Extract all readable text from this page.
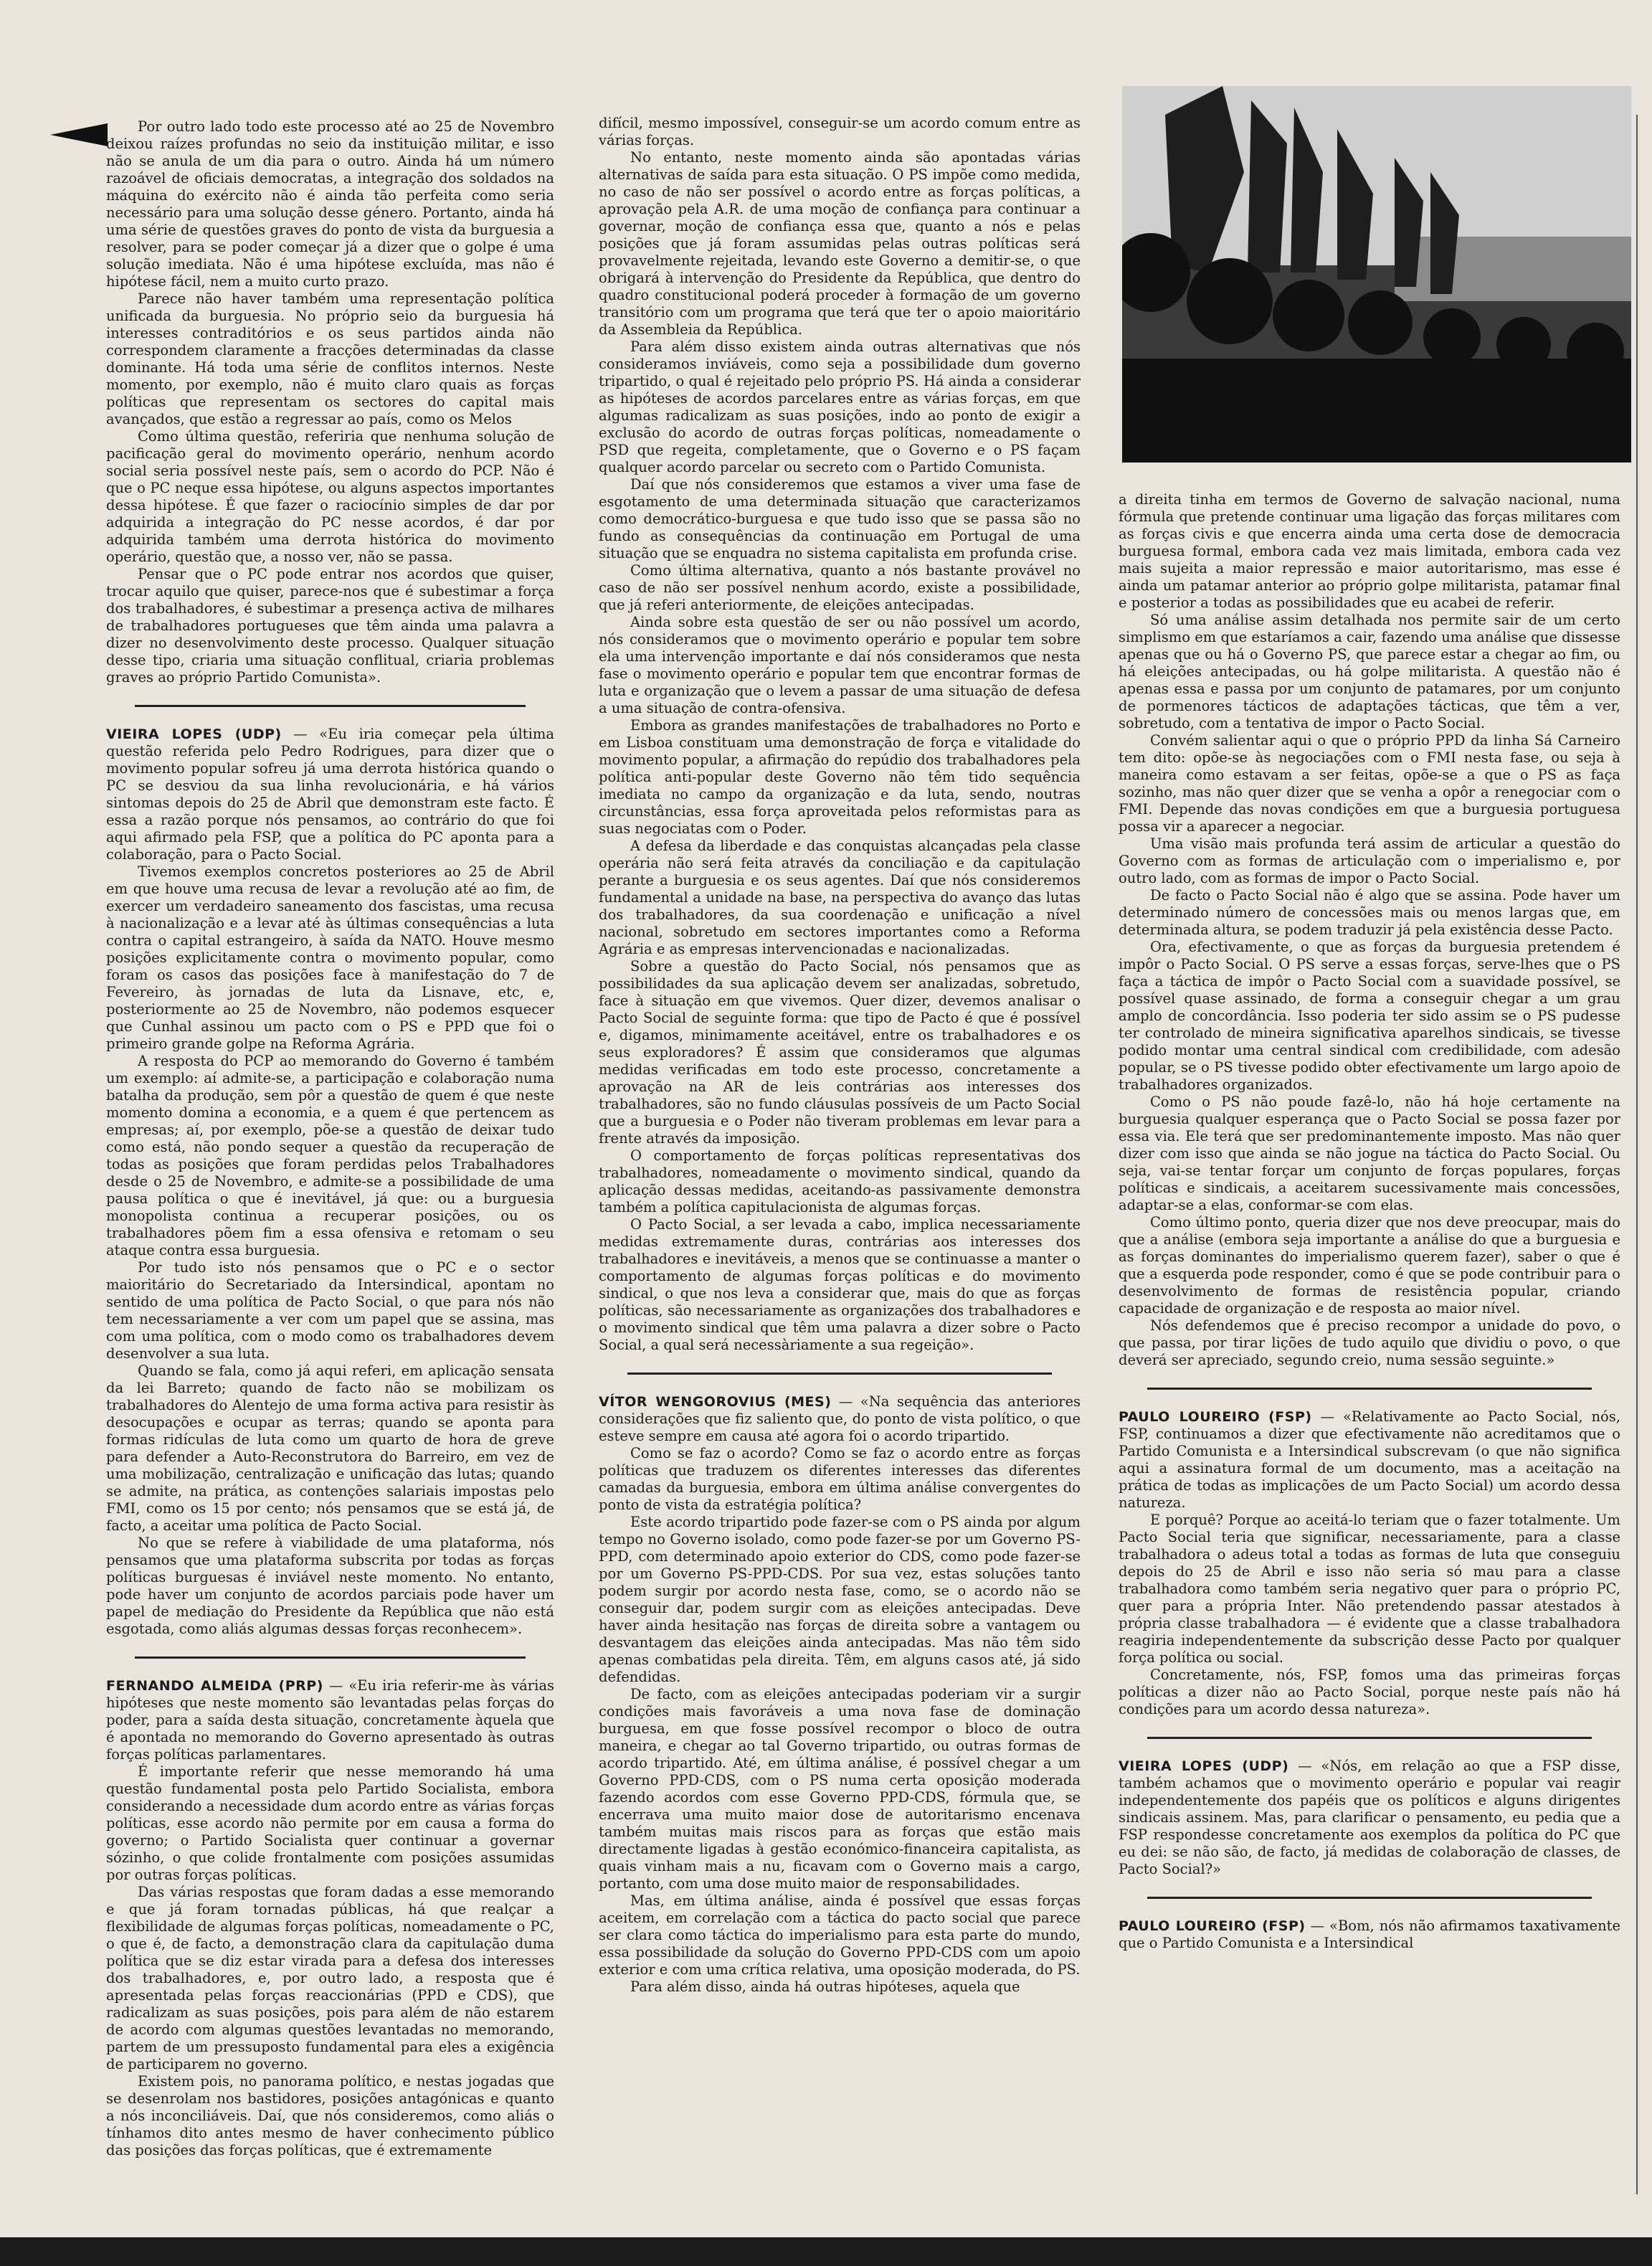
Por outro lado todo este processo até ao 25 de Novembro deixou raízes profundas no seio da instituição militar, e isso não se anula de um dia para o outro. Ainda há um número razoável de oficiais democratas, a integração dos soldados na máquina do exército não é ainda tão perfeita como seria necessário para uma solução desse género. Portanto, ainda há uma série de questões graves do ponto de vista da burguesia a resolver, para se poder começar já a dizer que o golpe é uma solução imediata. Não é uma hipótese excluída, mas não é hipótese fácil, nem a muito curto prazo.

Parece não haver também uma representação política unificada da burguesia. No próprio seio da burguesia há interesses contraditórios e os seus partidos ainda não correspondem claramente a fracções determinadas da classe dominante. Há toda uma série de conflitos internos. Neste momento, por exemplo, não é muito claro quais as forças políticas que representam os sectores do capital mais avançados, que estão a regressar ao país, como os Melos

Como última questão, referiria que nenhuma solução de pacificação geral do movimento operário, nenhum acordo social seria possível neste país, sem o acordo do PCP. Não é que o PC neque essa hipótese, ou alguns aspectos importantes dessa hipótese. É que fazer o raciocínio simples de dar por adquirida a integração do PC nesse acordos, é dar por adquirida também uma derrota histórica do movimento operário, questão que, a nosso ver, não se passa.

Pensar que o PC pode entrar nos acordos que quiser, trocar aquilo que quiser, parece-nos que é subestimar a força dos trabalhadores, é subestimar a presença activa de milhares de trabalhadores portugueses que têm ainda uma palavra a dizer no desenvolvimento deste processo. Qualquer situação desse tipo, criaria uma situação conflitual, criaria problemas graves ao próprio Partido Comunista».

VIEIRA LOPES (UDP) — «Eu iria começar pela última questão referida pelo Pedro Rodrigues, para dizer que o movimento popular sofreu já uma derrota histórica quando o PC se desviou da sua linha revolucionária, e há vários sintomas depois do 25 de Abril que demonstram este facto. É essa a razão porque nós pensamos, ao contrário do que foi aqui afirmado pela FSP, que a política do PC aponta para a colaboração, para o Pacto Social.

Tivemos exemplos concretos posteriores ao 25 de Abril em que houve uma recusa de levar a revolução até ao fim, de exercer um verdadeiro saneamento dos fascistas, uma recusa à nacionalização e a levar até às últimas consequências a luta contra o capital estrangeiro, à saída da NATO. Houve mesmo posições explicitamente contra o movimento popular, como foram os casos das posições face à manifestação do 7 de Fevereiro, às jornadas de luta da Lisnave, etc, e, posteriormente ao 25 de Novembro, não podemos esquecer que Cunhal assinou um pacto com o PS e PPD que foi o primeiro grande golpe na Reforma Agrária.

A resposta do PCP ao memorando do Governo é também um exemplo: aí admite-se, a participação e colaboração numa batalha da produção, sem pôr a questão de quem é que neste momento domina a economia, e a quem é que pertencem as empresas; aí, por exemplo, põe-se a questão de deixar tudo como está, não pondo sequer a questão da recuperação de todas as posições que foram perdidas pelos Trabalhadores desde o 25 de Novembro, e admite-se a possibilidade de uma pausa política o que é inevitável, já que: ou a burguesia monopolista continua a recuperar posições, ou os trabalhadores põem fim a essa ofensiva e retomam o seu ataque contra essa burguesia.

Por tudo isto nós pensamos que o PC e o sector maioritário do Secretariado da Intersindical, apontam no sentido de uma política de Pacto Social, o que para nós não tem necessariamente a ver com um papel que se assina, mas com uma política, com o modo como os trabalhadores devem desenvolver a sua luta.

Quando se fala, como já aqui referi, em aplicação sensata da lei Barreto; quando de facto não se mobilizam os trabalhadores do Alentejo de uma forma activa para resistir às desocupações e ocupar as terras; quando se aponta para formas ridículas de luta como um quarto de hora de greve para defender a Auto-Reconstrutora do Barreiro, em vez de uma mobilização, centralização e unificação das lutas; quando se admite, na prática, as contenções salariais impostas pelo FMI, como os 15 por cento; nós pensamos que se está já, de facto, a aceitar uma política de Pacto Social.

No que se refere à viabilidade de uma plataforma, nós pensamos que uma plataforma subscrita por todas as forças políticas burguesas é inviável neste momento. No entanto, pode haver um conjunto de acordos parciais pode haver um papel de mediação do Presidente da República que não está esgotada, como aliás algumas dessas forças reconhecem».

FERNANDO ALMEIDA (PRP) — «Eu iria referir-me às várias hipóteses que neste momento são levantadas pelas forças do poder, para a saída desta situação, concretamente àquela que é apontada no memorando do Governo apresentado às outras forças políticas parlamentares.

É importante referir que nesse memorando há uma questão fundamental posta pelo Partido Socialista, embora considerando a necessidade dum acordo entre as várias forças políticas, esse acordo não permite por em causa a forma do governo; o Partido Socialista quer continuar a governar sózinho, o que colide frontalmente com posições assumidas por outras forças políticas.

Das várias respostas que foram dadas a esse memorando e que já foram tornadas públicas, há que realçar a flexibilidade de algumas forças políticas, nomeadamente o PC, o que é, de facto, a demonstração clara da capitulação duma política que se diz estar virada para a defesa dos interesses dos trabalhadores, e, por outro lado, a resposta que é apresentada pelas forças reaccionárias (PPD e CDS), que radicalizam as suas posições, pois para além de não estarem de acordo com algumas questões levantadas no memorando, partem de um pressuposto fundamental para eles a exigência de participarem no governo.

Existem pois, no panorama político, e nestas jogadas que se desenrolam nos bastidores, posições antagónicas e quanto a nós inconciliáveis. Daí, que nós consideremos, como aliás o tínhamos dito antes mesmo de haver conhecimento público das posições das forças políticas, que é extremamente

difícil, mesmo impossível, conseguir-se um acordo comum entre as várias forças.

No entanto, neste momento ainda são apontadas várias alternativas de saída para esta situação. O PS impõe como medida, no caso de não ser possível o acordo entre as forças políticas, a aprovação pela A.R. de uma moção de confiança para continuar a governar, moção de confiança essa que, quanto a nós e pelas posições que já foram assumidas pelas outras políticas será provavelmente rejeitada, levando este Governo a demitir-se, o que obrigará à intervenção do Presidente da República, que dentro do quadro constitucional poderá proceder à formação de um governo transitório com um programa que terá que ter o apoio maioritário da Assembleia da República.

Para além disso existem ainda outras alternativas que nós consideramos inviáveis, como seja a possibilidade dum governo tripartido, o qual é rejeitado pelo próprio PS. Há ainda a considerar as hipóteses de acordos parcelares entre as várias forças, em que algumas radicalizam as suas posições, indo ao ponto de exigir a exclusão do acordo de outras forças políticas, nomeadamente o PSD que regeita, completamente, que o Governo e o PS façam qualquer acordo parcelar ou secreto com o Partido Comunista.

Daí que nós consideremos que estamos a viver uma fase de esgotamento de uma determinada situação que caracterizamos como democrático-burguesa e que tudo isso que se passa são no fundo as consequências da continuação em Portugal de uma situação que se enquadra no sistema capitalista em profunda crise.

Como última alternativa, quanto a nós bastante provável no caso de não ser possível nenhum acordo, existe a possibilidade, que já referi anteriormente, de eleições antecipadas.

Ainda sobre esta questão de ser ou não possível um acordo, nós consideramos que o movimento operário e popular tem sobre ela uma intervenção importante e daí nós consideramos que nesta fase o movimento operário e popular tem que encontrar formas de luta e organização que o levem a passar de uma situação de defesa a uma situação de contra-ofensiva.

Embora as grandes manifestações de trabalhadores no Porto e em Lisboa constituam uma demonstração de força e vitalidade do movimento popular, a afirmação do repúdio dos trabalhadores pela política anti-popular deste Governo não têm tido sequência imediata no campo da organização e da luta, sendo, noutras circunstâncias, essa força aproveitada pelos reformistas para as suas negociatas com o Poder.

A defesa da liberdade e das conquistas alcançadas pela classe operária não será feita através da conciliação e da capitulação perante a burguesia e os seus agentes. Daí que nós consideremos fundamental a unidade na base, na perspectiva do avanço das lutas dos trabalhadores, da sua coordenação e unificação a nível nacional, sobretudo em sectores importantes como a Reforma Agrária e as empresas intervencionadas e nacionalizadas.

Sobre a questão do Pacto Social, nós pensamos que as possibilidades da sua aplicação devem ser analizadas, sobretudo, face à situação em que vivemos. Quer dizer, devemos analisar o Pacto Social de seguinte forma: que tipo de Pacto é que é possível e, digamos, minimamente aceitável, entre os trabalhadores e os seus exploradores? É assim que consideramos que algumas medidas verificadas em todo este processo, concretamente a aprovação na AR de leis contrárias aos interesses dos trabalhadores, são no fundo cláusulas possíveis de um Pacto Social que a burguesia e o Poder não tiveram problemas em levar para a frente através da imposição.

O comportamento de forças políticas representativas dos trabalhadores, nomeadamente o movimento sindical, quando da aplicação dessas medidas, aceitando-as passivamente demonstra também a política capitulacionista de algumas forças.

O Pacto Social, a ser levada a cabo, implica necessariamente medidas extremamente duras, contrárias aos interesses dos trabalhadores e inevitáveis, a menos que se continuasse a manter o comportamento de algumas forças políticas e do movimento sindical, o que nos leva a considerar que, mais do que as forças políticas, são necessariamente as organizações dos trabalhadores e o movimento sindical que têm uma palavra a dizer sobre o Pacto Social, a qual será necessàriamente a sua regeição».

VÍTOR WENGOROVIUS (MES) — «Na sequência das anteriores considerações que fiz saliento que, do ponto de vista político, o que esteve sempre em causa até agora foi o acordo tripartido.

Como se faz o acordo? Como se faz o acordo entre as forças políticas que traduzem os diferentes interesses das diferentes camadas da burguesia, embora em última análise convergentes do ponto de vista da estratégia política?

Este acordo tripartido pode fazer-se com o PS ainda por algum tempo no Governo isolado, como pode fazer-se por um Governo PS-PPD, com determinado apoio exterior do CDS, como pode fazer-se por um Governo PS-PPD-CDS. Por sua vez, estas soluções tanto podem surgir por acordo nesta fase, como, se o acordo não se conseguir dar, podem surgir com as eleições antecipadas. Deve haver ainda hesitação nas forças de direita sobre a vantagem ou desvantagem das eleições ainda antecipadas. Mas não têm sido apenas combatidas pela direita. Têm, em alguns casos até, já sido defendidas.

De facto, com as eleições antecipadas poderiam vir a surgir condições mais favoráveis a uma nova fase de dominação burguesa, em que fosse possível recompor o bloco de outra maneira, e chegar ao tal Governo tripartido, ou outras formas de acordo tripartido. Até, em última análise, é possível chegar a um Governo PPD-CDS, com o PS numa certa oposição moderada fazendo acordos com esse Governo PPD-CDS, fórmula que, se encerrava uma muito maior dose de autoritarismo encenava também muitas mais riscos para as forças que estão mais directamente ligadas à gestão económico-financeira capitalista, as quais vinham mais a nu, ficavam com o Governo mais a cargo, portanto, com uma dose muito maior de responsabilidades.

Mas, em última análise, ainda é possível que essas forças aceitem, em correlação com a táctica do pacto social que parece ser clara como táctica do imperialismo para esta parte do mundo, essa possibilidade da solução do Governo PPD-CDS com um apoio exterior e com uma crítica relativa, uma oposição moderada, do PS.

Para além disso, ainda há outras hipóteses, aquela que

a direita tinha em termos de Governo de salvação nacional, numa fórmula que pretende continuar uma ligação das forças militares com as forças civis e que encerra ainda uma certa dose de democracia burguesa formal, embora cada vez mais limitada, embora cada vez mais sujeita a maior repressão e maior autoritarismo, mas esse é ainda um patamar anterior ao próprio golpe militarista, patamar final e posterior a todas as possibilidades que eu acabei de referir.

Só uma análise assim detalhada nos permite sair de um certo simplismo em que estaríamos a cair, fazendo uma análise que dissesse apenas que ou há o Governo PS, que parece estar a chegar ao fim, ou há eleições antecipadas, ou há golpe militarista. A questão não é apenas essa e passa por um conjunto de patamares, por um conjunto de pormenores tácticos de adaptações tácticas, que têm a ver, sobretudo, com a tentativa de impor o Pacto Social.

Convém salientar aqui o que o próprio PPD da linha Sá Carneiro tem dito: opõe-se às negociações com o FMI nesta fase, ou seja à maneira como estavam a ser feitas, opõe-se a que o PS as faça sozinho, mas não quer dizer que se venha a opôr a renegociar com o FMI. Depende das novas condições em que a burguesia portuguesa possa vir a aparecer a negociar.

Uma visão mais profunda terá assim de articular a questão do Governo com as formas de articulação com o imperialismo e, por outro lado, com as formas de impor o Pacto Social.

De facto o Pacto Social não é algo que se assina. Pode haver um determinado número de concessões mais ou menos largas que, em determinada altura, se podem traduzir já pela existência desse Pacto.

Ora, efectivamente, o que as forças da burguesia pretendem é impôr o Pacto Social. O PS serve a essas forças, serve-lhes que o PS faça a táctica de impôr o Pacto Social com a suavidade possível, se possível quase assinado, de forma a conseguir chegar a um grau amplo de concordância. Isso poderia ter sido assim se o PS pudesse ter controlado de mineira significativa aparelhos sindicais, se tivesse podido montar uma central sindical com credibilidade, com adesão popular, se o PS tivesse podido obter efectivamente um largo apoio de trabalhadores organizados.

Como o PS não poude fazê-lo, não há hoje certamente na burguesia qualquer esperança que o Pacto Social se possa fazer por essa via. Ele terá que ser predominantemente imposto. Mas não quer dizer com isso que ainda se não jogue na táctica do Pacto Social. Ou seja, vai-se tentar forçar um conjunto de forças populares, forças políticas e sindicais, a aceitarem sucessivamente mais concessões, adaptar-se a elas, conformar-se com elas.

Como último ponto, queria dizer que nos deve preocupar, mais do que a análise (embora seja importante a análise do que a burguesia e as forças dominantes do imperialismo querem fazer), saber o que é que a esquerda pode responder, como é que se pode contribuir para o desenvolvimento de formas de resistência popular, criando capacidade de organização e de resposta ao maior nível.

Nós defendemos que é preciso recompor a unidade do povo, o que passa, por tirar lições de tudo aquilo que dividiu o povo, o que deverá ser apreciado, segundo creio, numa sessão seguinte.»

PAULO LOUREIRO (FSP) — «Relativamente ao Pacto Social, nós, FSP, continuamos a dizer que efectivamente não acreditamos que o Partido Comunista e a Intersindical subscrevam (o que não significa aqui a assinatura formal de um documento, mas a aceitação na prática de todas as implicações de um Pacto Social) um acordo dessa natureza.

E porquê? Porque ao aceitá-lo teriam que o fazer totalmente. Um Pacto Social teria que significar, necessariamente, para a classe trabalhadora o adeus total a todas as formas de luta que conseguiu depois do 25 de Abril e isso não seria só mau para a classe trabalhadora como também seria negativo quer para o próprio PC, quer para a própria Inter. Não pretendendo passar atestados à própria classe trabalhadora — é evidente que a classe trabalhadora reagiria independentemente da subscrição desse Pacto por qualquer força política ou social.

Concretamente, nós, FSP, fomos uma das primeiras forças políticas a dizer não ao Pacto Social, porque neste país não há condições para um acordo dessa natureza».

VIEIRA LOPES (UDP) — «Nós, em relação ao que a FSP disse, também achamos que o movimento operário e popular vai reagir independentemente dos papéis que os políticos e alguns dirigentes sindicais assinem. Mas, para clarificar o pensamento, eu pedia que a FSP respondesse concretamente aos exemplos da política do PC que eu dei: se não são, de facto, já medidas de colaboração de classes, de Pacto Social?»

PAULO LOUREIRO (FSP) — «Bom, nós não afirmamos taxativamente que o Partido Comunista e a Intersindical
